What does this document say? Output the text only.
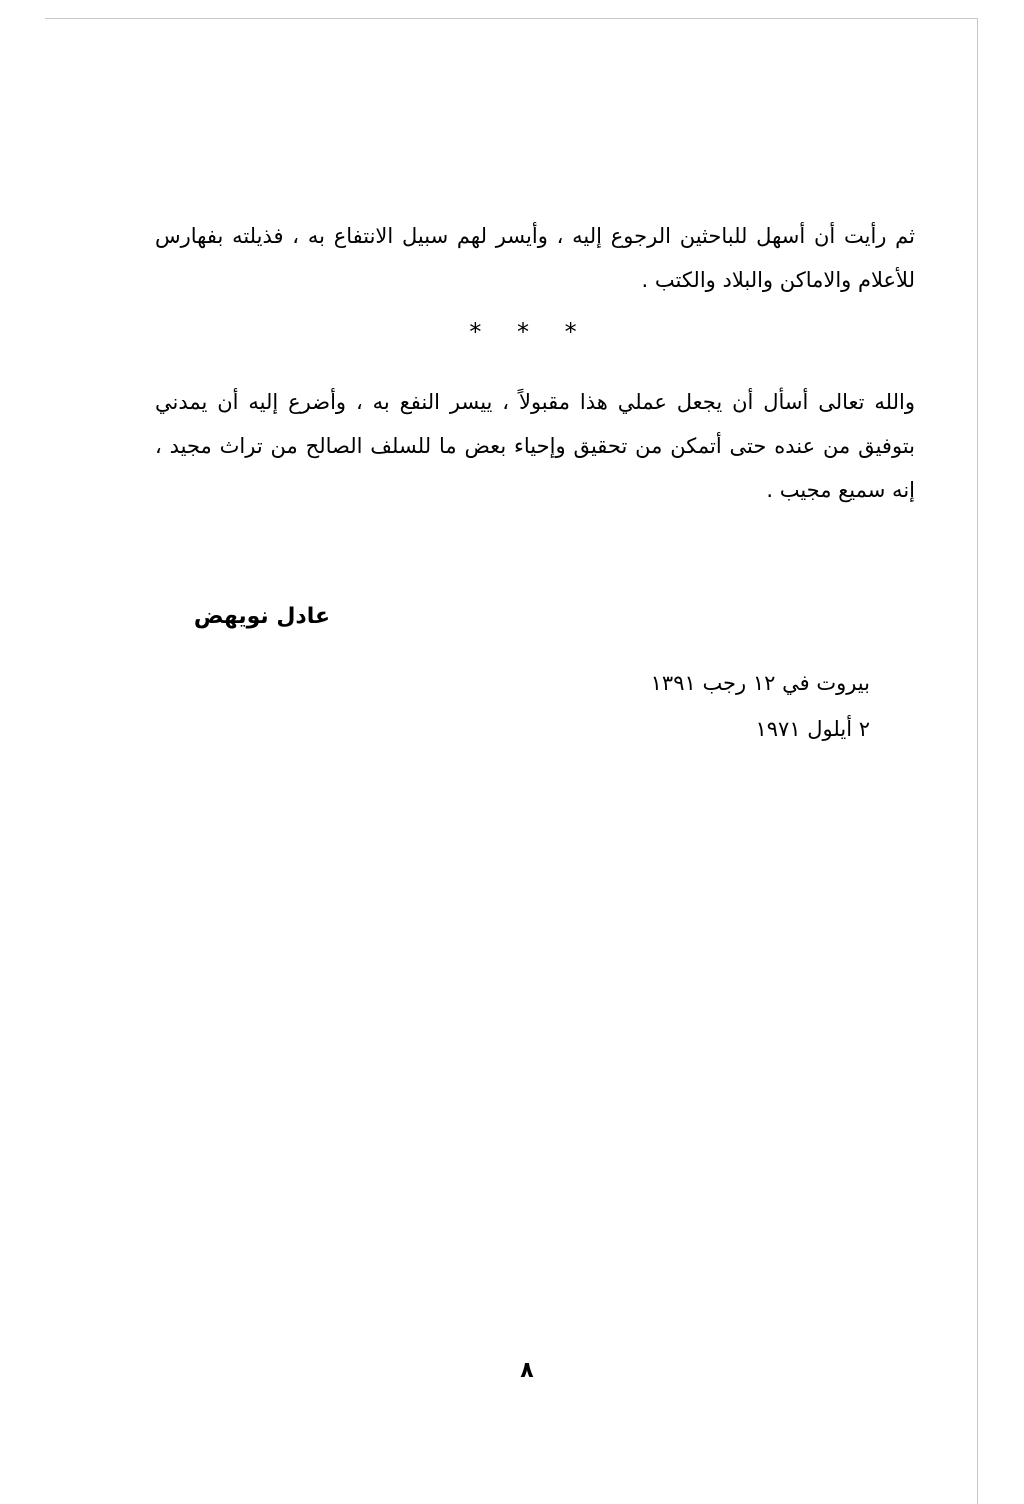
ثم رأيت أن أسهل للباحثين الرجوع إليه ، وأيسر لهم سبيل الانتفاع به ، فذيلته بفهارس للأعلام والاماكن والبلاد والكتب .

* * *

والله تعالى أسأل أن يجعل عملي هذا مقبولاً ، ييسر النفع به ، وأضرع إليه أن يمدني بتوفيق من عنده حتى أتمكن من تحقيق وإحياء بعض ما للسلف الصالح من تراث مجيد ، إنه سميع مجيب .

عادل نويهض
بيروت في ١٢ رجب ١٣٩١
٢ أيلول ١٩٧١
٨
